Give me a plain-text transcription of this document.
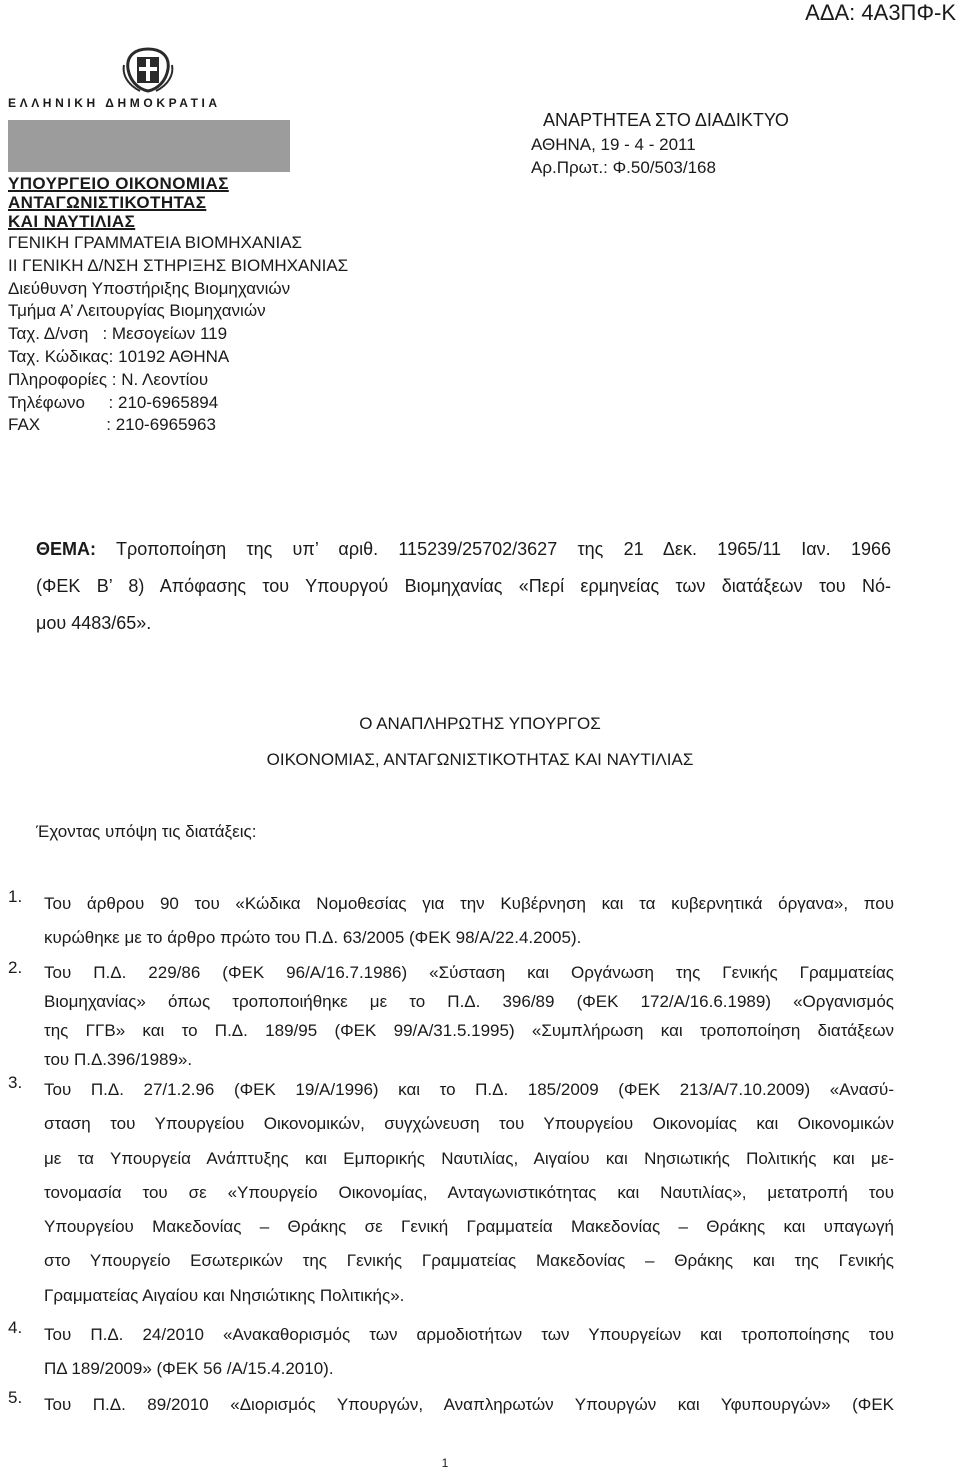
ΑΔΑ: 4Α3ΠΦ-Κ
ΕΛΛΗΝΙΚΗ ΔΗΜΟΚΡΑΤΙΑ
ΥΠΟΥΡΓΕΙΟ ΟΙΚΟΝΟΜΙΑΣ
ΑΝΤΑΓΩΝΙΣΤΙΚΟΤΗΤΑΣ
ΚΑΙ ΝΑΥΤΙΛΙΑΣ
ΓΕΝΙΚΗ ΓΡΑΜΜΑΤΕΙΑ ΒΙΟΜΗΧΑΝΙΑΣ
ΙΙ ΓΕΝΙΚΗ Δ/ΝΣΗ ΣΤΗΡΙΞΗΣ ΒΙΟΜΗΧΑΝΙΑΣ
Διεύθυνση Υποστήριξης Βιομηχανιών
Τμήμα Α’ Λειτουργίας Βιομηχανιών
Ταχ. Δ/νση   : Μεσογείων 119
Ταχ. Κώδικας: 10192 ΑΘΗΝΑ
Πληροφορίες : Ν. Λεοντίου
Τηλέφωνο     : 210-6965894
FAX              : 210-6965963
ΑΝΑΡΤΗΤΕΑ ΣΤΟ ΔΙΑΔΙΚΤΥΟ
ΑΘΗΝΑ, 19 - 4 - 2011
Αρ.Πρωτ.: Φ.50/503/168
ΘΕΜΑ: Τροποποίηση της υπ’ αριθ. 115239/25702/3627 της 21 Δεκ. 1965/11 Ιαν. 1966
(ΦΕΚ Β’ 8) Απόφασης του Υπουργού Βιομηχανίας «Περί ερμηνείας των διατάξεων του Νό-
μου 4483/65».
Ο ΑΝΑΠΛΗΡΩΤΗΣ ΥΠΟΥΡΓΟΣ
ΟΙΚΟΝΟΜΙΑΣ, ΑΝΤΑΓΩΝΙΣΤΙΚΟΤΗΤΑΣ ΚΑΙ ΝΑΥΤΙΛΙΑΣ
Έχοντας υπόψη τις διατάξεις:
1. Του άρθρου 90 του «Κώδικα Νομοθεσίας για την Κυβέρνηση και τα κυβερνητικά όργανα», που
κυρώθηκε με το άρθρο πρώτο του Π.Δ. 63/2005 (ΦΕΚ 98/Α/22.4.2005).
2. Του Π.Δ. 229/86 (ΦΕΚ 96/Α/16.7.1986) «Σύσταση και Οργάνωση της Γενικής Γραμματείας
Βιομηχανίας» όπως τροποποιήθηκε με το Π.Δ. 396/89 (ΦΕΚ 172/Α/16.6.1989) «Οργανισμός
της ΓΓΒ» και το Π.Δ. 189/95 (ΦΕΚ 99/Α/31.5.1995) «Συμπλήρωση και τροποποίηση διατάξεων
του Π.Δ.396/1989».
3. Του Π.Δ. 27/1.2.96 (ΦΕΚ 19/Α/1996) και το Π.Δ. 185/2009 (ΦΕΚ 213/Α/7.10.2009) «Ανασύ-
σταση του Υπουργείου Οικονομικών, συγχώνευση του Υπουργείου Οικονομίας και Οικονομικών
με τα Υπουργεία Ανάπτυξης και Εμπορικής Ναυτιλίας, Αιγαίου και Νησιωτικής Πολιτικής και με-
τονομασία του σε «Υπουργείο Οικονομίας, Ανταγωνιστικότητας και Ναυτιλίας», μετατροπή του
Υπουργείου Μακεδονίας – Θράκης σε Γενική Γραμματεία Μακεδονίας – Θράκης και υπαγωγή
στο Υπουργείο Εσωτερικών της Γενικής Γραμματείας Μακεδονίας – Θράκης και της Γενικής
Γραμματείας Αιγαίου και Νησιώτικης Πολιτικής».
4. Του Π.Δ. 24/2010 «Ανακαθορισμός των αρμοδιοτήτων των Υπουργείων και τροποποίησης του
ΠΔ 189/2009» (ΦΕΚ 56 /Α/15.4.2010).
5. Του Π.Δ. 89/2010 «Διορισμός Υπουργών, Αναπληρωτών Υπουργών και Υφυπουργών» (ΦΕΚ
1
